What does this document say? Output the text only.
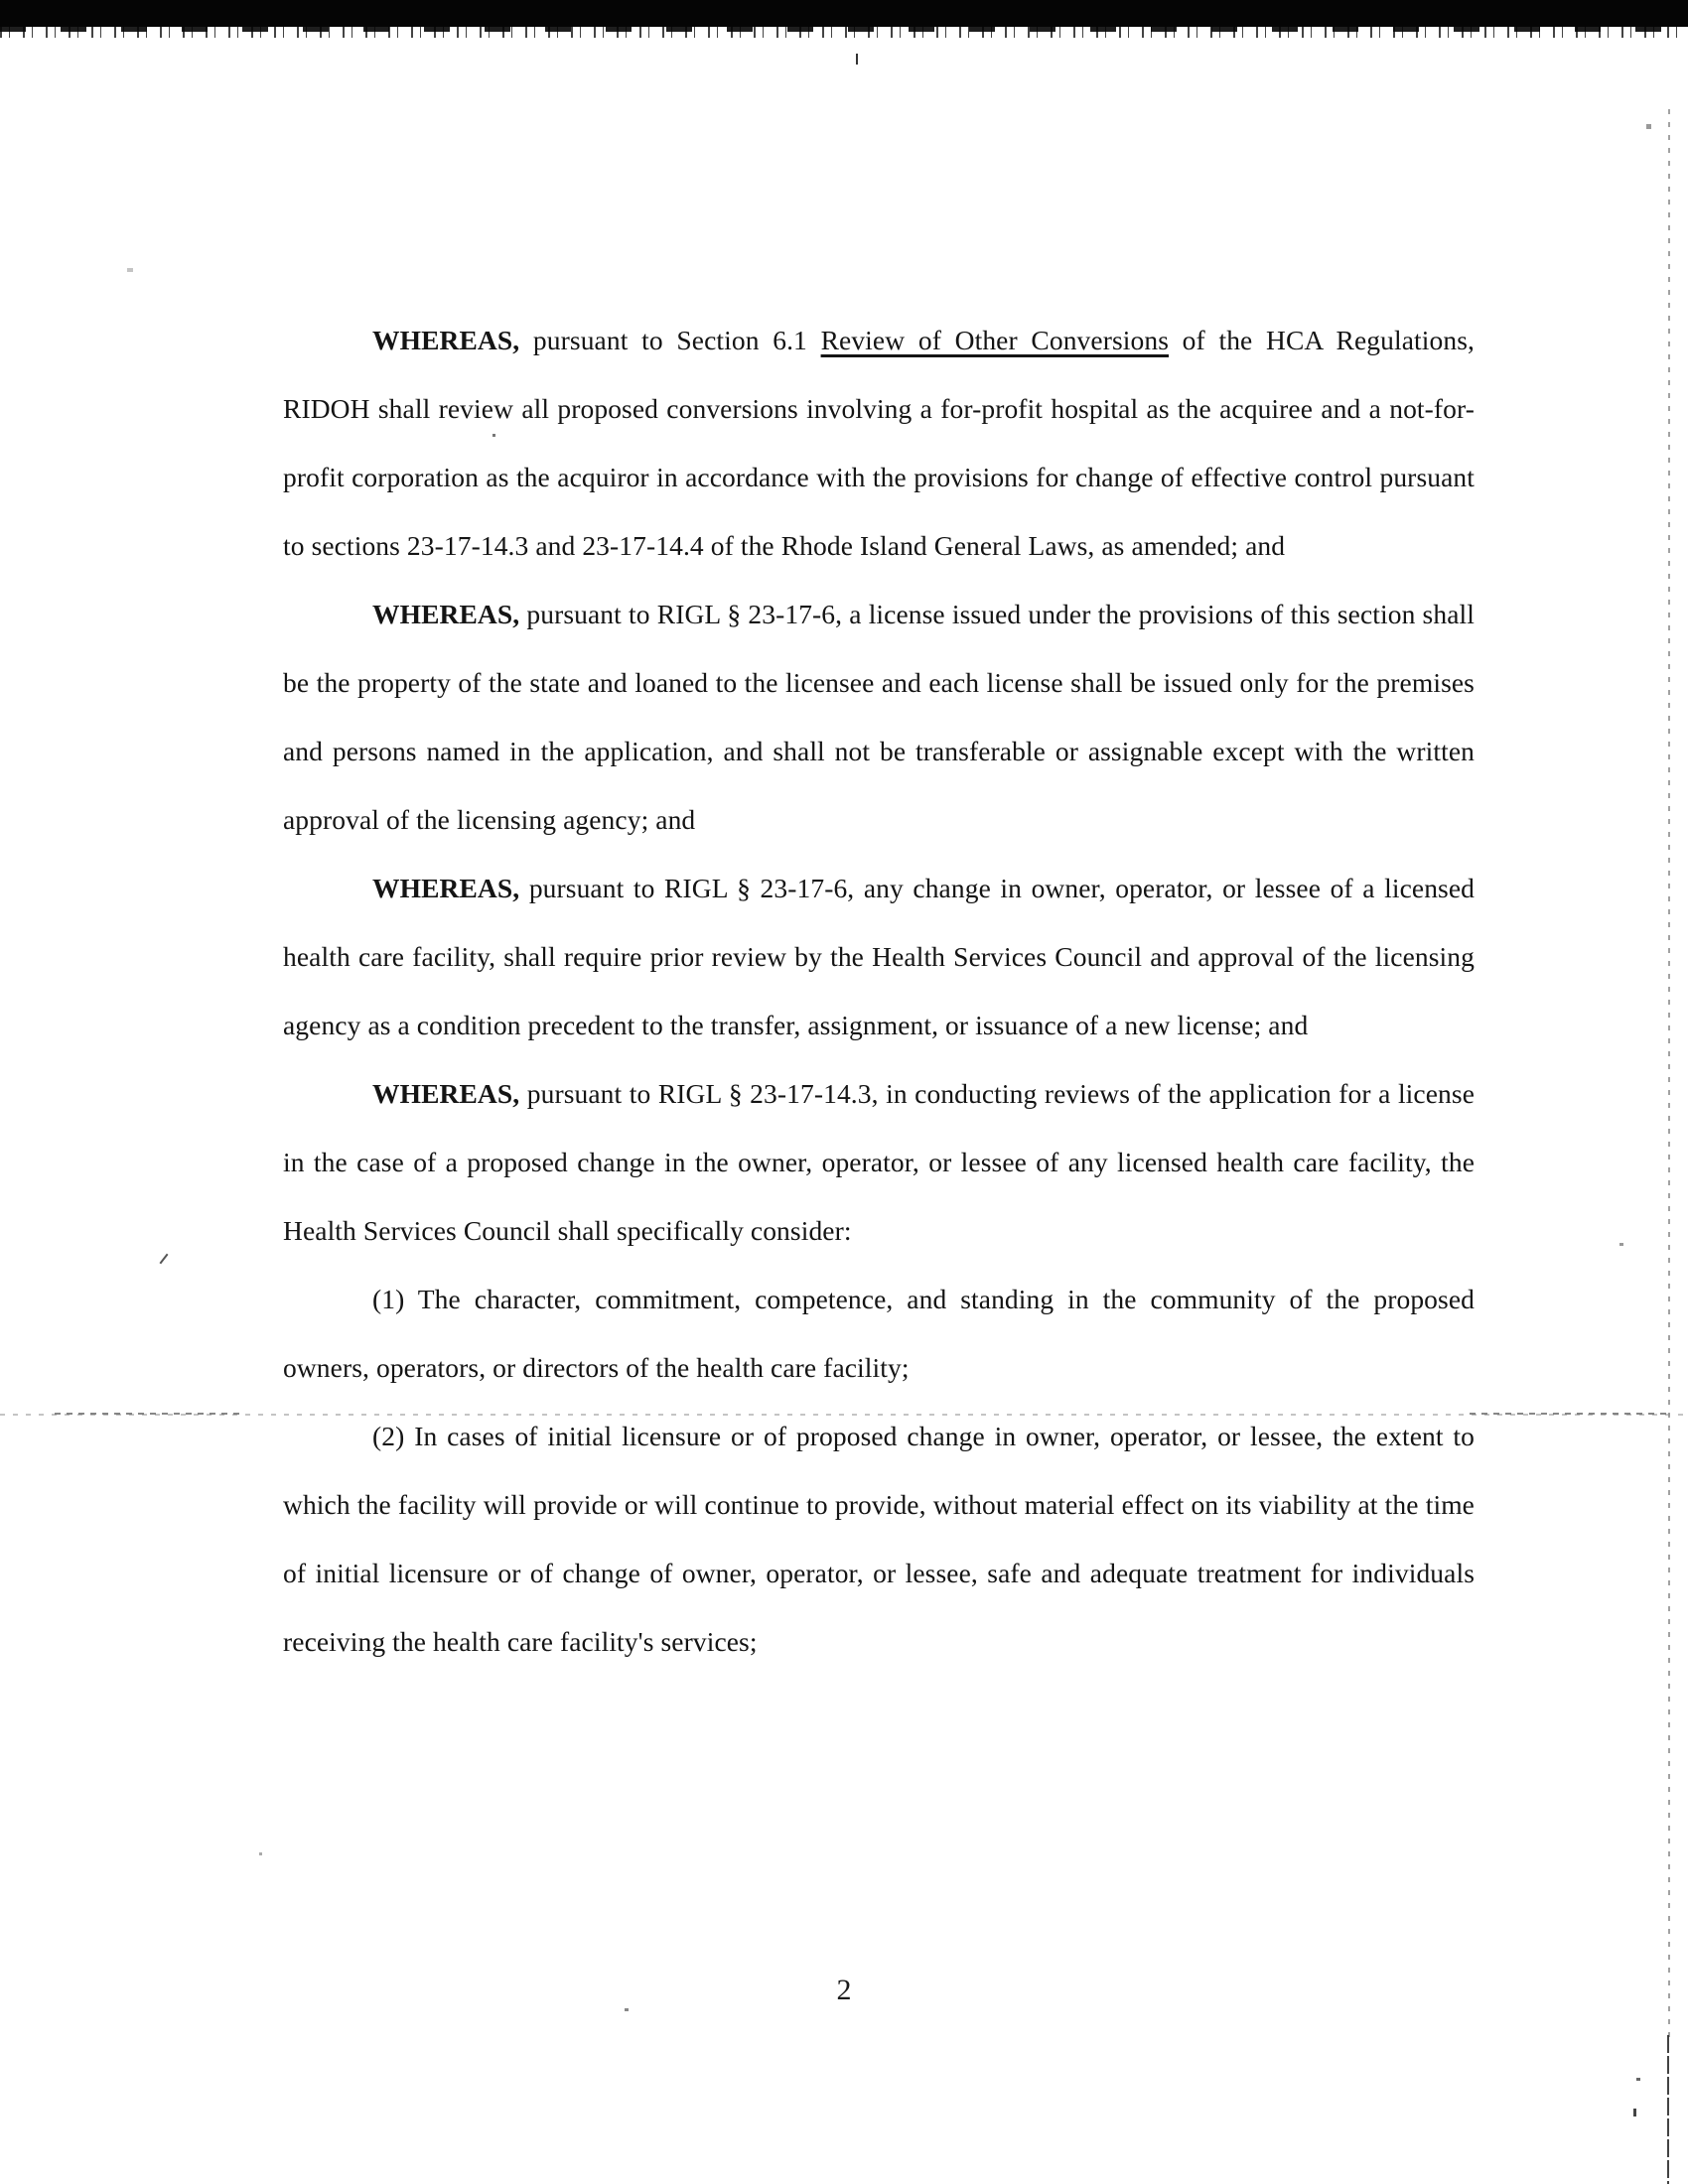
WHEREAS, pursuant to Section 6.1 Review of Other Conversions of the HCA Regulations, RIDOH shall review all proposed conversions involving a for-profit hospital as the acquiree and a not-for-profit corporation as the acquiror in accordance with the provisions for change of effective control pursuant to sections 23-17-14.3 and 23-17-14.4 of the Rhode Island General Laws, as amended; and

WHEREAS, pursuant to RIGL § 23-17-6, a license issued under the provisions of this section shall be the property of the state and loaned to the licensee and each license shall be issued only for the premises and persons named in the application, and shall not be transferable or assignable except with the written approval of the licensing agency; and

WHEREAS, pursuant to RIGL § 23-17-6, any change in owner, operator, or lessee of a licensed health care facility, shall require prior review by the Health Services Council and approval of the licensing agency as a condition precedent to the transfer, assignment, or issuance of a new license; and

WHEREAS, pursuant to RIGL § 23-17-14.3, in conducting reviews of the application for a license in the case of a proposed change in the owner, operator, or lessee of any licensed health care facility, the Health Services Council shall specifically consider:

(1) The character, commitment, competence, and standing in the community of the proposed owners, operators, or directors of the health care facility;

(2) In cases of initial licensure or of proposed change in owner, operator, or lessee, the extent to which the facility will provide or will continue to provide, without material effect on its viability at the time of initial licensure or of change of owner, operator, or lessee, safe and adequate treatment for individuals receiving the health care facility's services;

2
